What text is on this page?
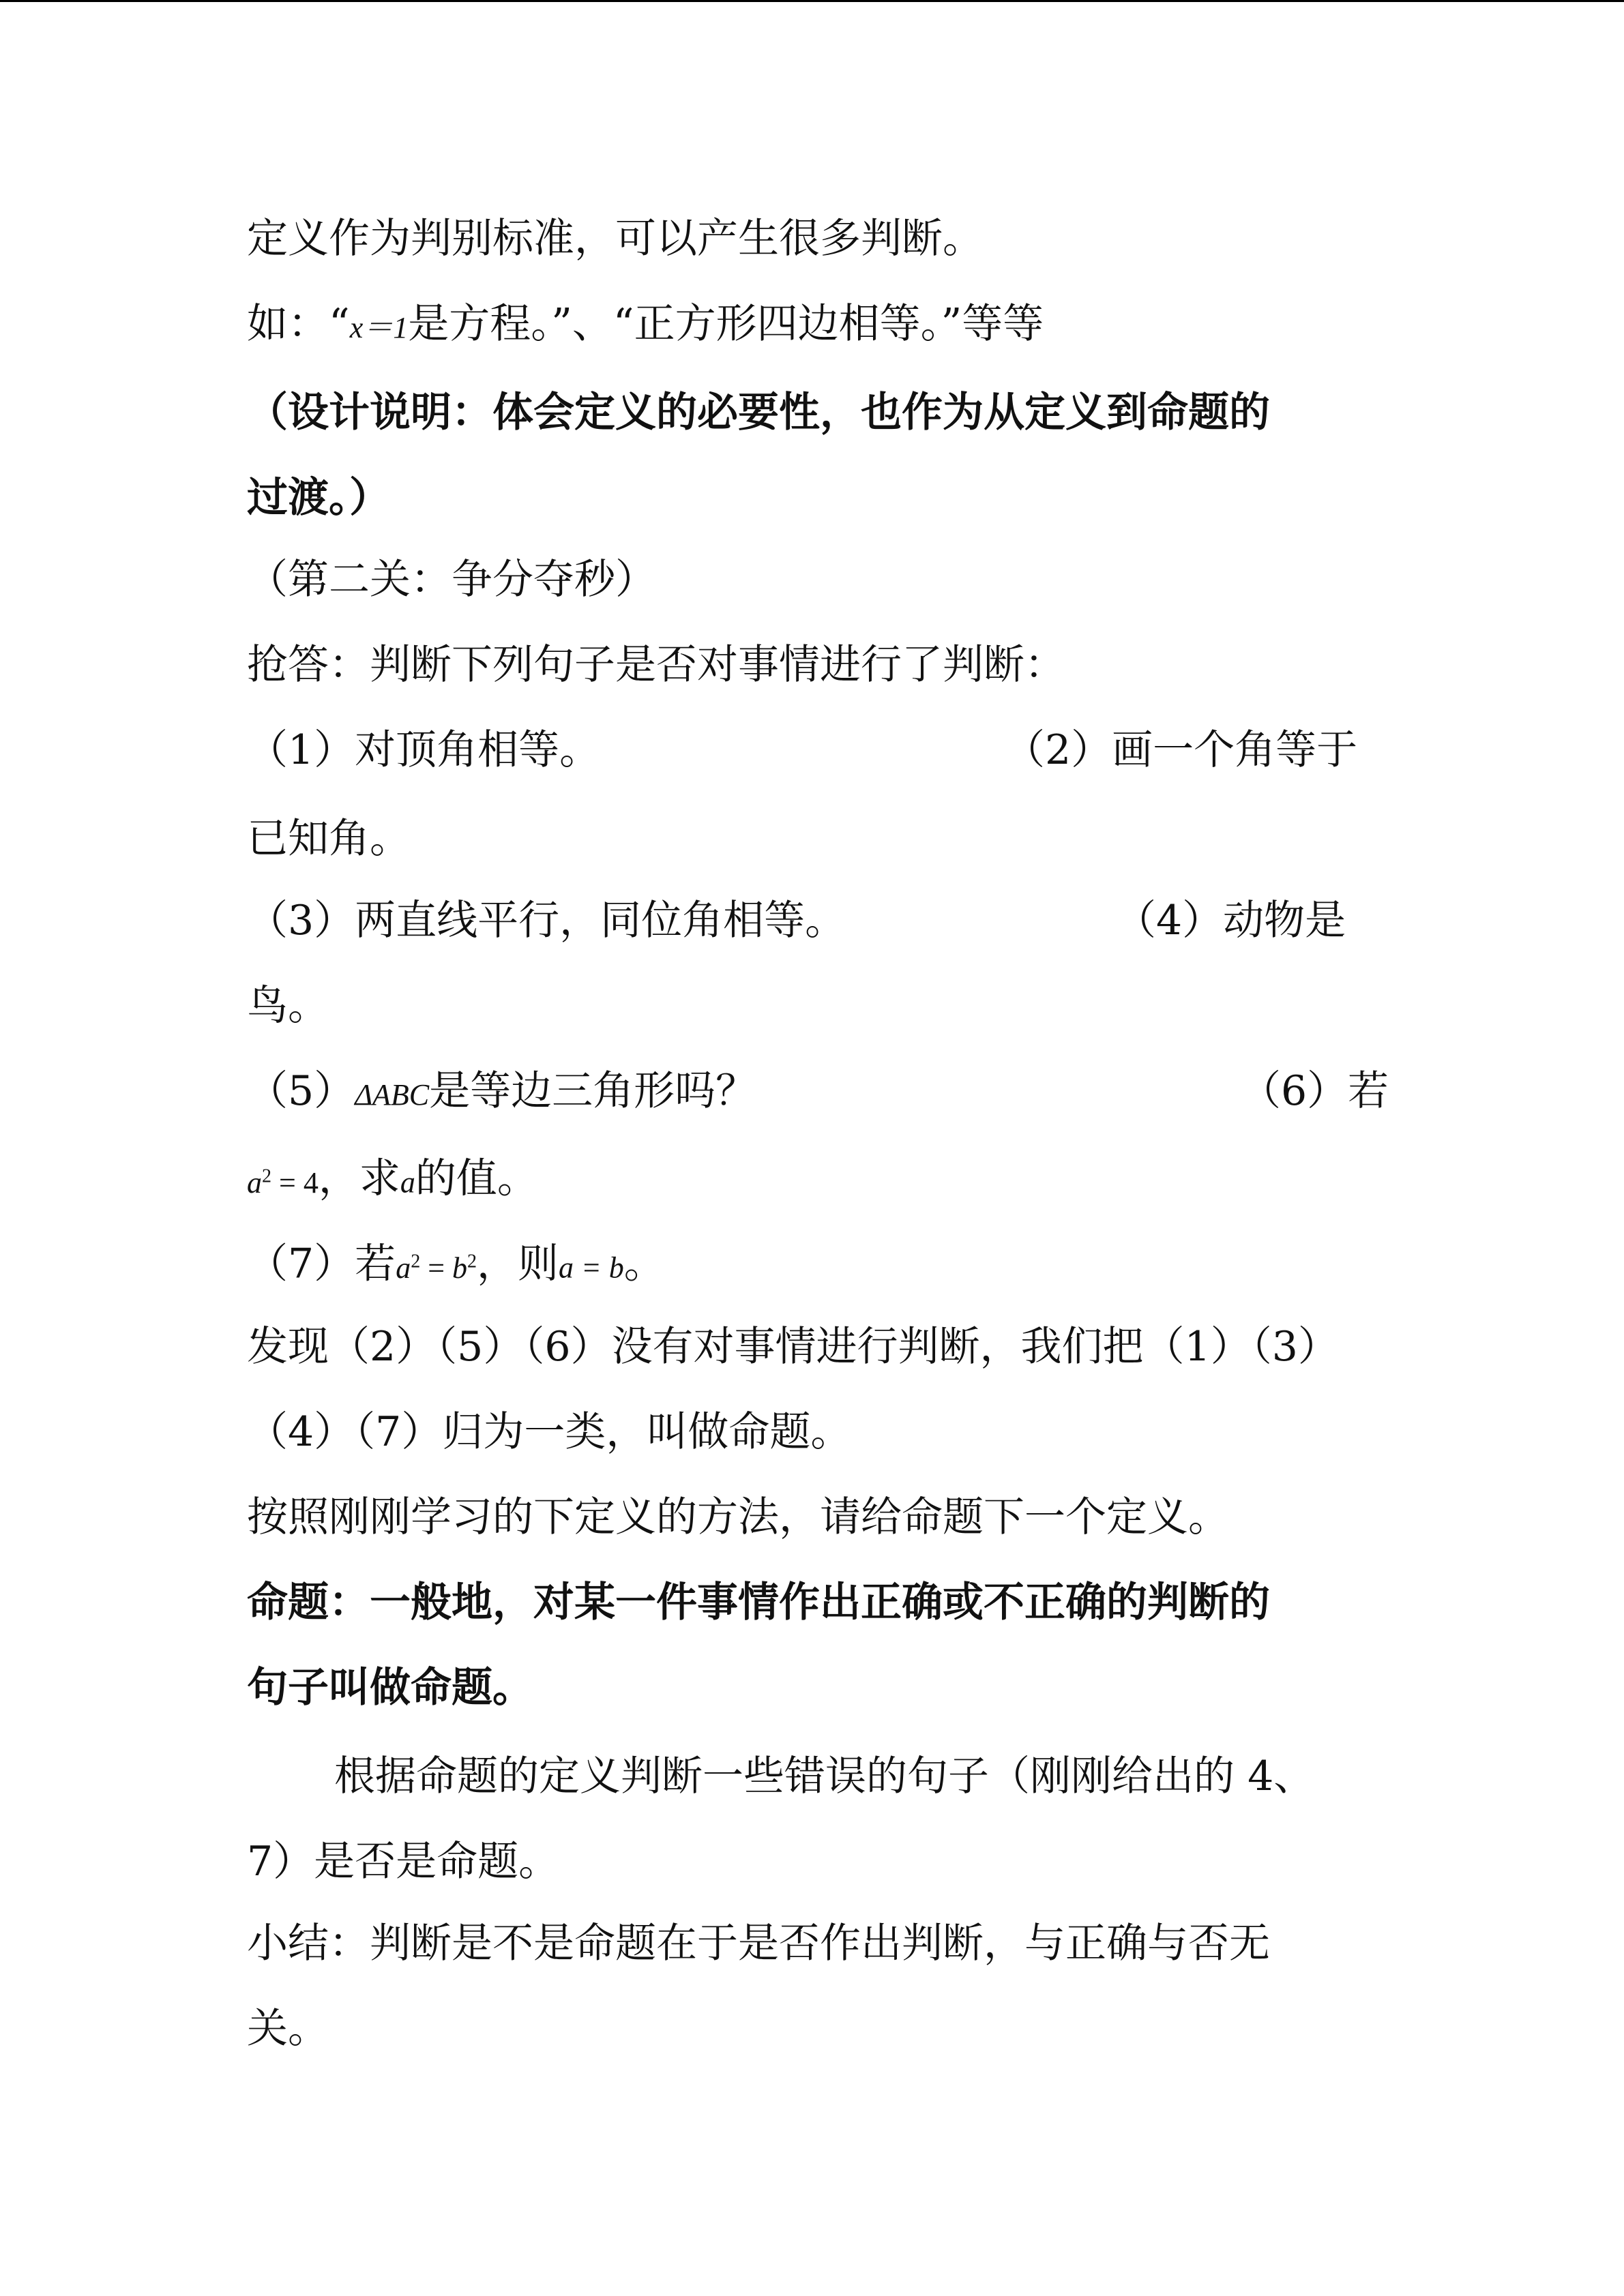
定义作为判别标准，可以产生很多判断。
如：“x＝1是方程。”、“正方形四边相等。”等等
（设计说明：体会定义的必要性，也作为从定义到命题的
过渡。）
（第二关：争分夺秒）
抢答：判断下列句子是否对事情进行了判断：
（1）对顶角相等。	（2）画一个角等于
已知角。
（3）两直线平行，同位角相等。	（4）动物是
鸟。
（5）ΔABC是等边三角形吗？	（6）若
$a^2 = 4$，求a的值。
（7）若$a^2 = b^2$，则a = b。
发现（2）（5）（6）没有对事情进行判断，我们把（1）（3）
（4）（7）归为一类，叫做命题。
按照刚刚学习的下定义的方法，请给命题下一个定义。
命题：一般地，对某一件事情作出正确或不正确的判断的
句子叫做命题。
根据命题的定义判断一些错误的句子（刚刚给出的 4、
7）是否是命题。
小结：判断是不是命题在于是否作出判断，与正确与否无
关。
